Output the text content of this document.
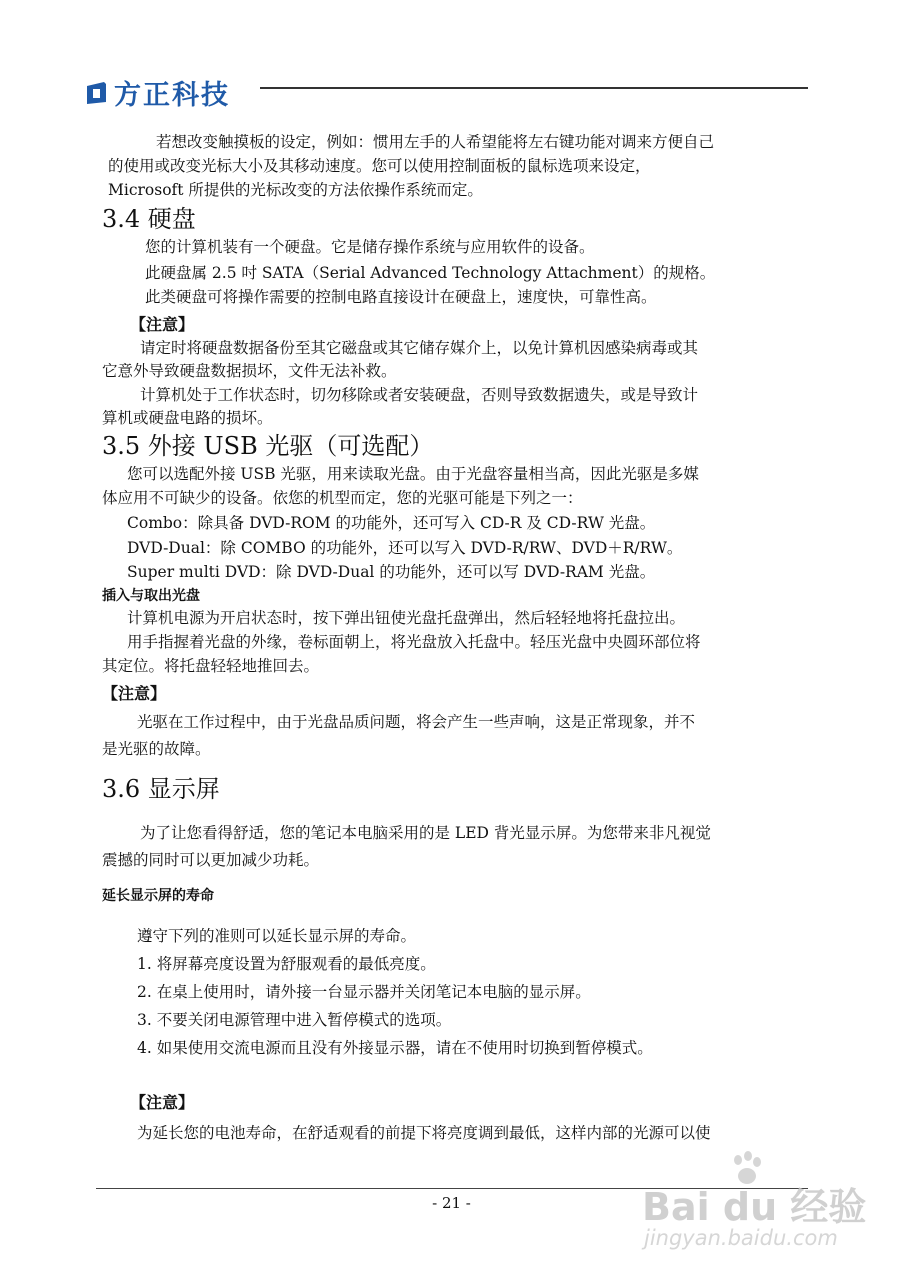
方正科技
若想改变触摸板的设定，例如：惯用左手的人希望能将左右键功能对调来方便自己
的使用或改变光标大小及其移动速度。您可以使用控制面板的鼠标选项来设定，
Microsoft 所提供的光标改变的方法依操作系统而定。
3.4 硬盘
您的计算机装有一个硬盘。它是储存操作系统与应用软件的设备。
此硬盘属 2.5 吋 SATA（Serial Advanced Technology Attachment）的规格。
此类硬盘可将操作需要的控制电路直接设计在硬盘上，速度快，可靠性高。
【注意】
请定时将硬盘数据备份至其它磁盘或其它储存媒介上，以免计算机因感染病毒或其
它意外导致硬盘数据损坏，文件无法补救。
计算机处于工作状态时，切勿移除或者安装硬盘，否则导致数据遗失，或是导致计
算机或硬盘电路的损坏。
3.5 外接 USB 光驱（可选配）
您可以选配外接 USB 光驱，用来读取光盘。由于光盘容量相当高，因此光驱是多媒
体应用不可缺少的设备。依您的机型而定，您的光驱可能是下列之一：
Combo：除具备 DVD-ROM 的功能外，还可写入 CD-R 及 CD-RW 光盘。
DVD-Dual：除 COMBO 的功能外，还可以写入 DVD-R/RW、DVD＋R/RW。
Super multi DVD：除 DVD-Dual 的功能外，还可以写 DVD-RAM 光盘。
插入与取出光盘
计算机电源为开启状态时，按下弹出钮使光盘托盘弹出，然后轻轻地将托盘拉出。
用手指握着光盘的外缘，卷标面朝上，将光盘放入托盘中。轻压光盘中央圆环部位将
其定位。将托盘轻轻地推回去。
【注意】
光驱在工作过程中，由于光盘品质问题，将会产生一些声响，这是正常现象，并不
是光驱的故障。
3.6 显示屏
为了让您看得舒适，您的笔记本电脑采用的是 LED 背光显示屏。为您带来非凡视觉
震撼的同时可以更加减少功耗。
延长显示屏的寿命
遵守下列的准则可以延长显示屏的寿命。
1. 将屏幕亮度设置为舒服观看的最低亮度。
2. 在桌上使用时，请外接一台显示器并关闭笔记本电脑的显示屏。
3. 不要关闭电源管理中进入暂停模式的选项。
4. 如果使用交流电源而且没有外接显示器，请在不使用时切换到暂停模式。
【注意】
为延长您的电池寿命，在舒适观看的前提下将亮度调到最低，这样内部的光源可以使
- 21 -	Bai du 经验
jingyan.baidu.com
